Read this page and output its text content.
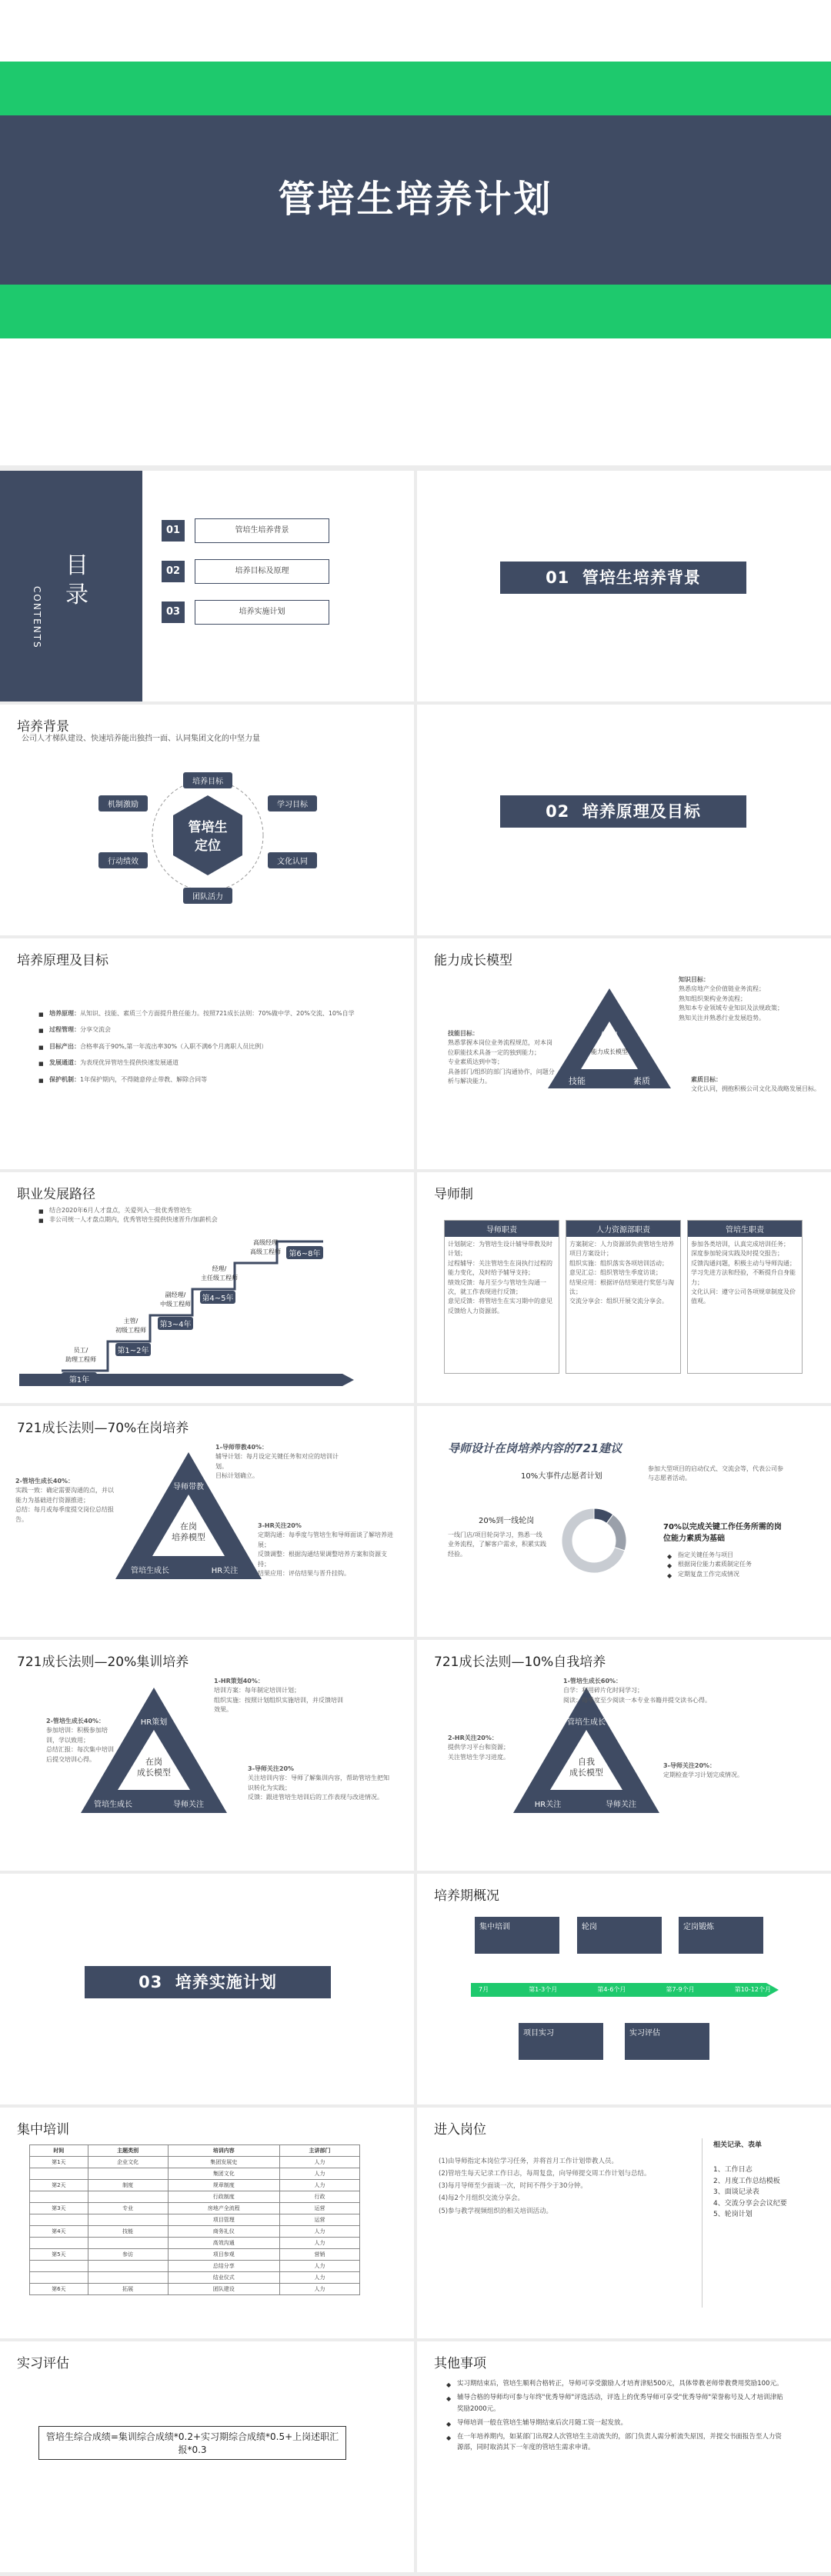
管培生培养计划
CONTENTS
目录
01	管培生培养背景
02	培养目标及原理
03	培养实施计划
01 管培生培养背景
培养背景
公司人才梯队建设、快速培养能出独挡一面、认同集团文化的中坚力量
管培生
定位
培养目标
学习目标
文化认同
团队活力
行动绩效
机制激励	02 培养原理及目标
培养原理及目标
■ 培养原理：从知识、技能、素质三个方面提升胜任能力。按照721成长法则：70%做中学、20%交流、10%自学
■ 过程管理：分享交流会
■ 目标产出：合格率高于90%,第一年流出率30%（入职不满6个月离职人员比例）
■ 发展通道：为表现优异管培生提供快速发展通道
■ 保护机制：1年保护期内，不得随意停止带教、解除合同等
能力成长模型
知识
技能	素质
能力成长模型
知识目标：
熟悉房地产全价值链业务流程；
熟知组织架构业务流程；
熟知本专业领域专业知识及法规政策；
熟知关注并熟悉行业发展趋势。
技能目标：
熟悉掌握本岗位业务流程规范，对本岗位职能技术具备一定的独到能力；
专业素质达到中等；
具备部门/组织的部门沟通协作，问题分析与解决能力。	素质目标：
文化认同，拥抱积极公司文化及战略发展目标。
职业发展路径
■ 结合2020年6月人才盘点，关爱列入一批优秀管培生
■ 非公司统一人才盘点期内，优秀管培生提供快速晋升/加薪机会
员工/
助理工程师
第1年
主管/
初级工程师
第1~2年
副经理/
中级工程师
第3~4年
经理/
主任级工程师
第4~5年
高级经理
高级工程师	第6~8年
导师制
导师职责
计划制定：为管培生设计辅导带教及时计划；
过程辅导：关注管培生在岗执行过程的能力变化，及时给予辅导支持；
绩效反馈：每月至少与管培生沟通一次，就工作表现进行反馈；
意见反馈：将管培生在实习期中的意见反馈给人力资源部。
人力资源部职责
方案制定：人力资源部负责管培生培养项目方案设计；
组织实施：组织落实各项培训活动；
意见汇总：组织管培生季度访谈；
结果应用：根据评估结果进行奖惩与淘汰；
交流分享会：组织开展交流分享会。
管培生职责
参加各类培训，认真完成培训任务；
深度参加轮岗实践及时提交报告；
反馈沟通问题，积极主动与导师沟通；
学习先进方法和经验，不断提升自身能力；
文化认同：遵守公司各项规章制度及价值观。
721成长法则—70%在岗培养
在岗
培养模型
导师带教
管培生成长	HR关注
1-导师带教40%：
辅导计划：每月设定关键任务和对应的培训计划。
目标计划确立。
2-管培生成长40%：
实践一致：确定需要沟通的点，并以能力为基础进行资源推进；
总结：每月或每季度提交岗位总结报告。
3-HR关注20%
定期沟通：每季度与管培生和导师面谈了解培养进展；
反馈调整：根据沟通结果调整培养方案和资源支持；
结果应用：评估结果与晋升挂钩。
导师设计在岗培养内容的721建议
10%大事件/志愿者计划
20%到一线轮岗
70%以完成关键工作任务所需的岗位能力素质为基础
参加大型项目的启动仪式、交流会等，代表公司参与志愿者活动。
一线门店/项目轮岗学习，熟悉一线业务流程，了解客户需求，积累实践经验。	◆ 指定关键任务与项目
◆ 根据岗位能力素质制定任务
◆ 定期复盘工作完成情况
721成长法则—20%集训培养
在岗
成长模型
HR策划
管培生成长	导师关注
1-HR策划40%：
培训方案：每年制定培训计划；
组织实施：按照计划组织实施培训，并反馈培训效果。
2-管培生成长40%：
参加培训：积极参加培训，学以致用；
总结汇报：每次集中培训后提交培训心得。
3-导师关注20%
关注培训内容：导师了解集训内容，帮助管培生把知识转化为实践；
反馈：跟进管培生培训后的工作表现与改进情况。
721成长法则—10%自我培养
自我
成长模型
管培生成长
HR关注	导师关注
1-管培生成长60%：
自学：利用碎片化时间学习；
阅读：每季度至少阅读一本专业书籍并提交读书心得。
2-HR关注20%：
提供学习平台和资源；
关注管培生学习进度。
3-导师关注20%：
定期检查学习计划完成情况。
03 培养实施计划
培养期概况
集中培训	轮岗	定岗锻炼
7月	第1-3个月	第4-6个月	第7-9个月	第10-12个月
项目实习	实习评估
集中培训
时间	主题类别	培训内容	主讲部门
第1天	企业文化	集团发展史	人力
		集团文化	人力
第2天	制度	规章制度	人力
		行政制度	行政
第3天	专业	房地产全流程	运营
		项目管理	运营
第4天	技能	商务礼仪	人力
		高效沟通	人力
第5天	参访	项目参观	营销
		总结分享	人力
		结业仪式	人力
第6天	拓展	团队建设	人力
进入岗位
(1)由导师指定本岗位学习任务，并将首月工作计划带教人员。
(2)管培生每天记录工作日志，每周复盘，向导师提交周工作计划与总结。
(3)每月导师至少面谈一次，时间不得少于30分钟。
(4)每2个月组织交流分享会。
(5)参与教学视频组织的相关培训活动。
相关记录、表单
1、工作日志
2、月度工作总结模板
3、面谈记录表
4、交流分享会会议纪要
5、轮岗计划
实习评估
管培生综合成绩=集训综合成绩*0.2+实习期综合成绩*0.5+上岗述职汇报*0.3
其他事项
◆ 实习期结束后，管培生顺利合格转正，导师可享受激励人才培育津贴500元，具体带教老师带教费用奖励100元。
◆ 辅导合格的导师均可参与年终"优秀导师"评选活动，评选上的优秀导师可享受"优秀导师"荣誉称号及人才培训津贴奖励2000元。
◆ 导师培训一般在管培生辅导期结束后次月随工资一起发放。
◆ 在一年培养期内，如某部门出现2人次管培生主动流失的，部门负责人需分析流失原因，并提交书面报告至人力资源部，同时取消其下一年度的管培生需求申请。
